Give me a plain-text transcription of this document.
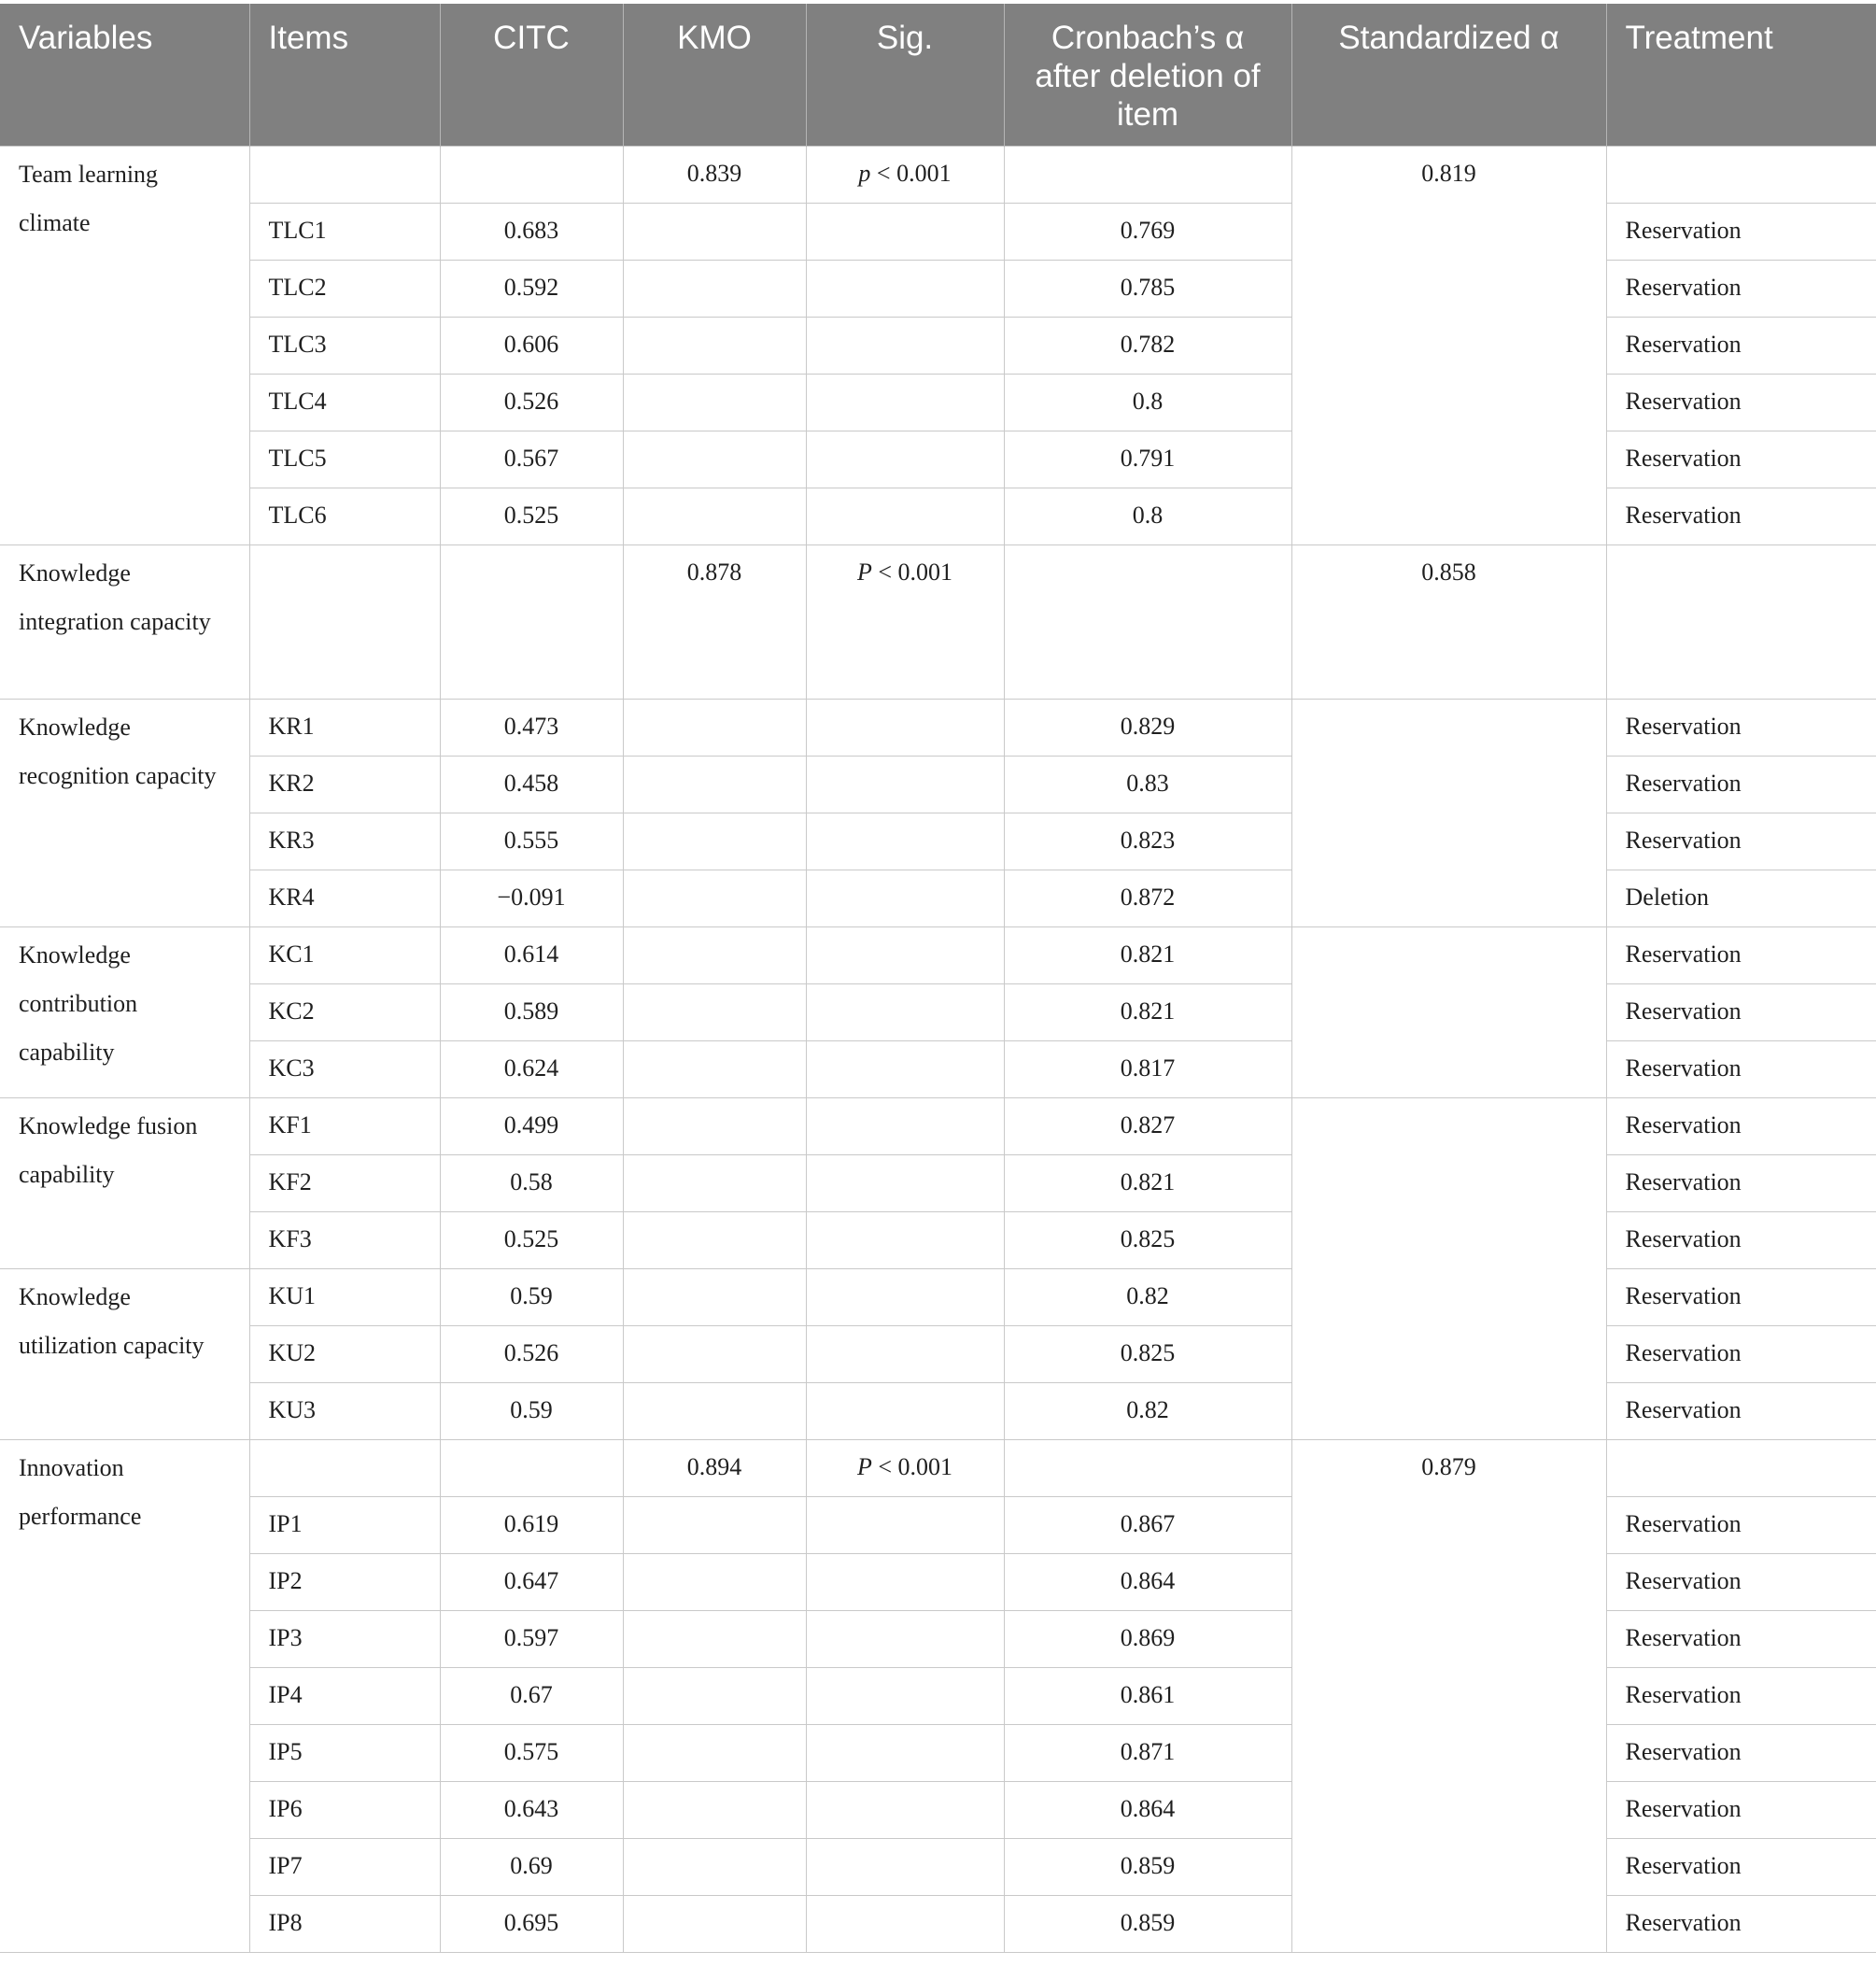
Variables	Items	CITC	KMO	Sig.	Cronbach’s α after deletion of item	Standardized α	Treatment
Team learning climate			0.839	p < 0.001		0.819	
	TLC1	0.683			0.769		Reservation
	TLC2	0.592			0.785		Reservation
	TLC3	0.606			0.782		Reservation
	TLC4	0.526			0.8		Reservation
	TLC5	0.567			0.791		Reservation
	TLC6	0.525			0.8		Reservation
Knowledge integration capacity			0.878	P < 0.001		0.858	
Knowledge recognition capacity	KR1	0.473			0.829		Reservation
	KR2	0.458			0.83		Reservation
	KR3	0.555			0.823		Reservation
	KR4	−0.091			0.872		Deletion
Knowledge contribution capability	KC1	0.614			0.821		Reservation
	KC2	0.589			0.821		Reservation
	KC3	0.624			0.817		Reservation
Knowledge fusion capability	KF1	0.499			0.827		Reservation
	KF2	0.58			0.821		Reservation
	KF3	0.525			0.825		Reservation
Knowledge utilization capacity	KU1	0.59			0.82		Reservation
	KU2	0.526			0.825		Reservation
	KU3	0.59			0.82		Reservation
Innovation performance			0.894	P < 0.001		0.879	
	IP1	0.619			0.867		Reservation
	IP2	0.647			0.864		Reservation
	IP3	0.597			0.869		Reservation
	IP4	0.67			0.861		Reservation
	IP5	0.575			0.871		Reservation
	IP6	0.643			0.864		Reservation
	IP7	0.69			0.859		Reservation
	IP8	0.695			0.859		Reservation
